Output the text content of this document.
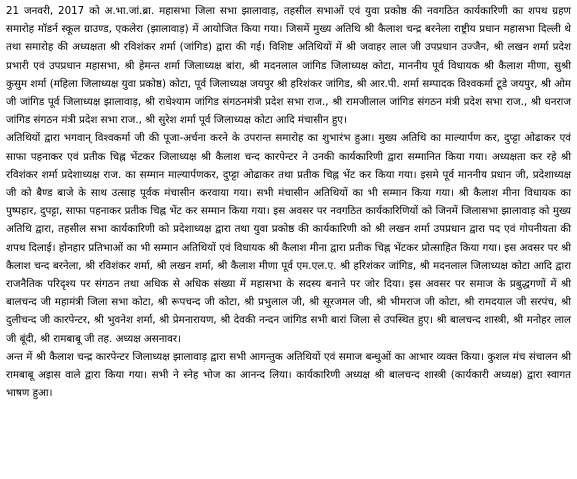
21 जनवरी, 2017 को अ.भा.जां.ब्रा. महासभा जिला सभा झालावाड़, तहसील सभाओं एवं युवा प्रकोष्ठ की नवगठित कार्यकारिणी का शपथ ग्रहण समारोह मॉडर्न स्कूल ग्राउण्ड, एकलेरा (झालावाड़) में आयोजित किया गया। जिसमें मुख्य अतिथि श्री कैलाश चन्द्र बरनेला राष्ट्रीय प्रधान महासभा दिल्ली थे तथा समारोह की अध्यक्षता श्री रविशंकर शर्मा (जांगिड) द्वारा की गई। विशिष्ट अतिथियों में श्री जवाहर लाल जी उपप्रधान उज्जैन, श्री लखन शर्मा प्रदेश प्रभारी एवं उपप्रधान महासभा, श्री हेमन्त शर्मा जिलाध्यक्ष बांरा, श्री मदनलाल जांगिड जिलाध्यक्ष कोटा, माननीय पूर्व विधायक श्री कैलाश मीणा, सुश्री कुसुम शर्मा (महिला जिलाध्यक्ष युवा प्रकोष्ठ) कोटा, पूर्व जिलाध्यक्ष जयपुर श्री हरिशंकर जांगिड, श्री आर.पी. शर्मा सम्पादक विश्वकर्मा टूडे जयपुर, श्री ओम जी जांगिड पूर्व जिलाध्यक्ष झालावाड़, श्री राधेश्याम जांगिड संगठनमंत्री प्रदेश सभा राज., श्री रामजीलाल जांगिड संगठन मंत्री प्रदेश सभा राज., श्री धनराज जांगिड संगठन मंत्री प्रदेश सभा राज., श्री सुरेश शर्मा पूर्व जिलाध्यक्ष कोटा आदि मंचासीन हुए।

अतिथियों द्वारा भगवान् विश्वकर्मा जी की पूजा-अर्चना करने के उपरान्त समारोह का शुभारंभ हुआ। मुख्य अतिथि का माल्यार्पण कर, दुप्ट्टा ओढाकर एवं साफा पहनाकर एवं प्रतीक चिह्न भेंटकर जिलाध्यक्ष श्री कैलाश चन्द कारपेन्टर ने उनकी कार्यकारिणी द्वारा सम्मानित किया गया। अध्यक्षता कर रहे श्री रविशंकर शर्मा प्रदेशाध्यक्ष राज. का सम्मान माल्यार्पणकर, दुप्ट्टा ओढाकर तथा प्रतीक चिह्न भेंट कर किया गया। इसमे पूर्व माननीय प्रधान जी, प्रदेशाध्यक्ष जी को बैण्ड बाजे के साथ उत्साह पूर्वक मंचासीन करवाया गया। सभी मंचासीन अतिथियों का भी सम्मान किया गया। श्री कैलाश मीना विधायक का पुष्पहार, दुपट्टा, साफा पहनाकर प्रतीक चिह्न भेंट कर सम्मान किया गया। इस अवसर पर नवगठित कार्यकारिणियों को जिनमें जिलासभा झालावाड़ को मुख्य अतिथि द्वारा, तहसील सभा कार्यकारिणी को प्रदेशाध्यक्ष द्वारा तथा युवा प्रकोष्ठ की कार्यकारिणी को श्री लखन शर्मा उपप्रधान द्वारा पद एवं गोपनीयता की शपथ दिलाई। होनहार प्रतिभाओं का भी सम्मान अतिथियों एवं विधायक श्री कैलाश मीना द्वारा प्रतीक चिह्न भेंटकर प्रोत्साहित किया गया। इस अवसर पर श्री कैलाश चन्द बरनेला, श्री रविशंकर शर्मा, श्री लखन शर्मा, श्री कैलाश मीणा पूर्व एम.एल.ए. श्री हरिशंकर जांगिड, श्री मदनलाल जिलाध्यक्ष कोटा आदि द्वारा राजनैतिक परिदृश्य पर संगठन तथा अधिक से अधिक संख्या में महासभा के सदस्य बनाने पर जोर दिया। इस अवसर पर समाज के प्रबुद्धगणों में श्री बालचन्द जी महामंत्री जिला सभा कोटा, श्री रूपचन्द जी कोटा, श्री प्रभुलाल जी, श्री सूरजमल जी, श्री भीमराज जी कोटा, श्री रामदयाल जी सरपंच, श्री दुलीचन्द जी कारपेन्टर, श्री भुवनेश शर्मा, श्री प्रेमनारायण, श्री देवकी नन्दन जांगिड सभी बारां जिला से उपस्थित हुए। श्री बालचन्द शास्त्री, श्री मनोहर लाल जी बूंदी, श्री रामबाबू जी तह. अध्यक्ष असनावर।

अन्त में श्री कैलाश चन्द्र कारपेन्टर जिलाध्यक्ष झालावाड़ द्वारा सभी आगन्तुक अतिथियों एवं समाज बन्धुओं का आभार व्यक्त किया। कुशल मंच संचालन श्री रामबाबू अइास वाले द्वारा किया गया। सभी ने स्नेह भोज का आनन्द लिया। कार्यकारिणी अध्यक्ष श्री बालचन्द शास्त्री (कार्यकारी अध्यक्ष) द्वारा स्वागत भाषण हुआ।
